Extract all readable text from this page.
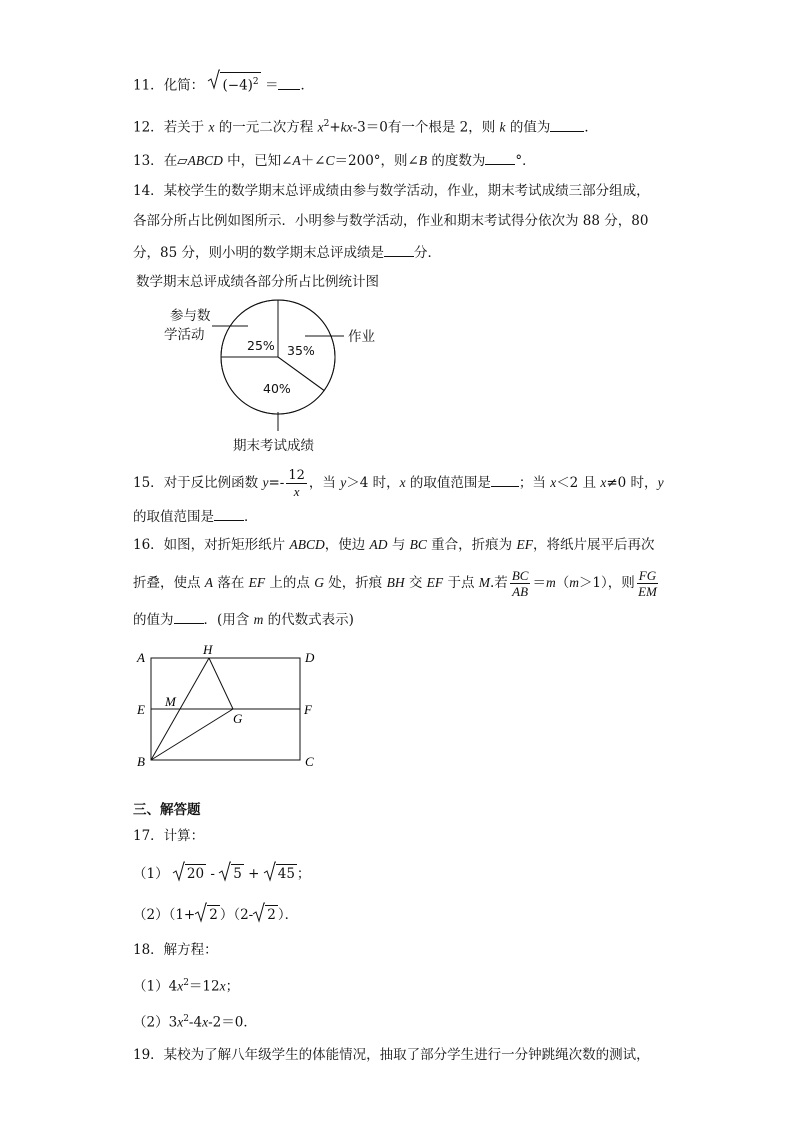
11．化简： $(-4)^2$ ＝ ．
12．若关于 x 的一元二次方程 $x^2+kx-3=0$有一个根是 2，则 k 的值为	．
13．在▱ABCD 中，已知∠A＋∠C＝200°，则∠B 的度数为 °．
14．某校学生的数学期末总评成绩由参与数学活动，作业，期末考试成绩三部分组成，
各部分所占比例如图所示．小明参与数学活动，作业和期末考试得分依次为 88 分，80
分，85 分，则小明的数学期末总评成绩是 分．
数学期末总评成绩各部分所占比例统计图
参与数
学活动	作业
期末考试成绩
25% 35%
40%
15．对于反比例函数 $y=- \frac{12}{x}$ ，当 y＞4 时，x 的取值范围是 ；当 x＜2 且 x≠0 时，y
的取值范围是 ．
16．如图，对折矩形纸片 ABCD，使边 AD 与 BC 重合，折痕为 EF，将纸片展平后再次
折叠，使点 A 落在 EF 上的点 G 处，折痕 BH 交 EF 于点 M.若 $\frac{BC}{AB} =m(m>1)$，则 $\frac{FG}{EM}$
的值为 ．(用含 m 的代数式表示)
A
H
D
M
E
G
F
B	C
三、解答题
17．计算：
（1） 20 -
5 +
45 ；
（2）（1+ 2 ）（2- 2 ）．
18．解方程：
$(1)4x^2=12x$；
$(2)3x^2-4x-2=0$．
19．某校为了解八年级学生的体能情况，抽取了部分学生进行一分钟跳绳次数的测试，
